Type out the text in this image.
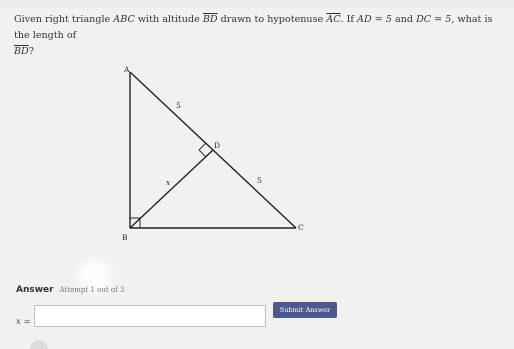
Given right triangle ABC with altitude $\overline{BD}$ drawn to hypotenuse $\overline{AC}$. If AD = 5 and DC = 5, what is the length of
$\overline{BD}$?
A
B
C
D
5
5
x
Answer Attempt 1 out of 3
x =
Submit Answer
